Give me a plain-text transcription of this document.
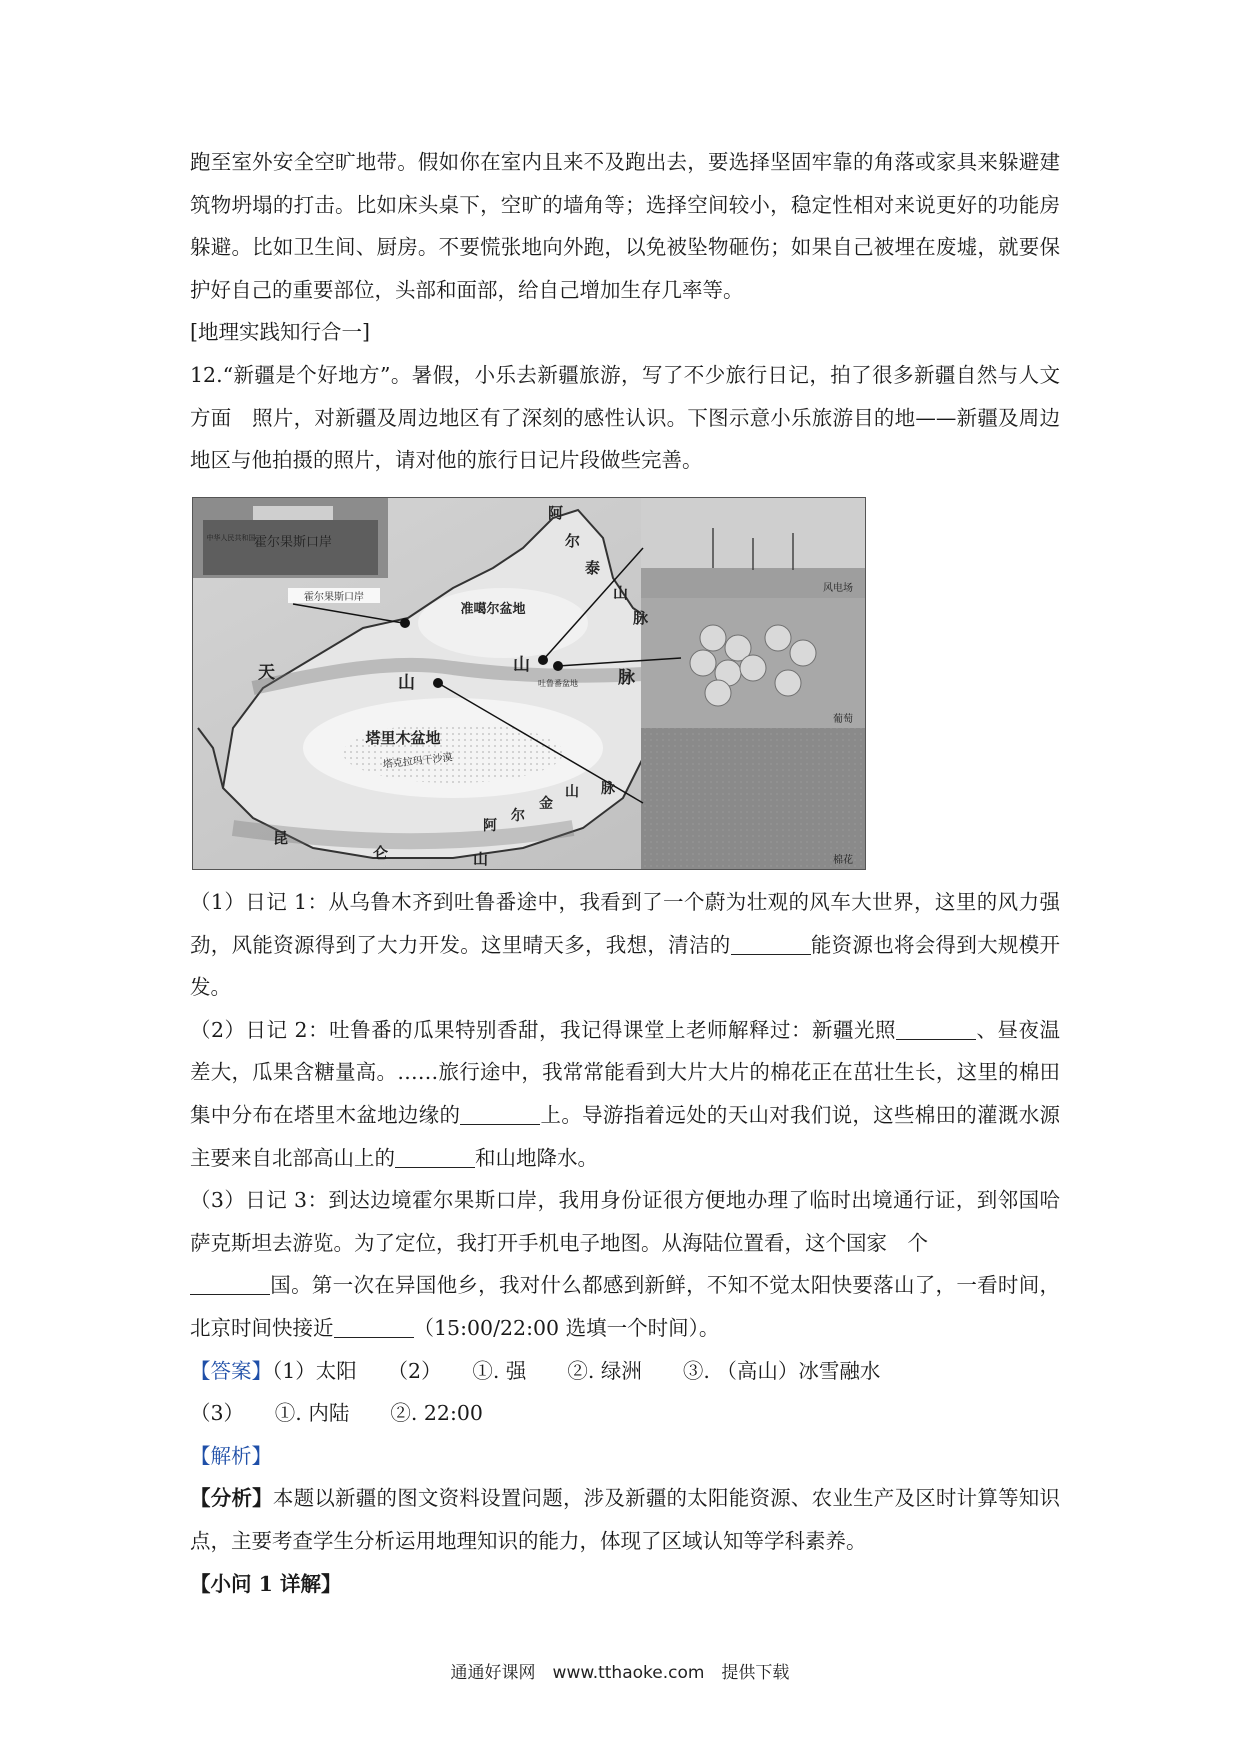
跑至室外安全空旷地带。假如你在室内且来不及跑出去，要选择坚固牢靠的角落或家具来躲避建筑物坍塌的打击。比如床头桌下，空旷的墙角等；选择空间较小，稳定性相对来说更好的功能房躲避。比如卫生间、厨房。不要慌张地向外跑，以免被坠物砸伤；如果自己被埋在废墟，就要保护好自己的重要部位，头部和面部，给自己增加生存几率等。

[地理实践知行合一]

12.“新疆是个好地方”。暑假，小乐去新疆旅游，写了不少旅行日记，拍了很多新疆自然与人文方面　照片，对新疆及周边地区有了深刻的感性认识。下图示意小乐旅游目的地——新疆及周边地区与他拍摄的照片，请对他的旅行日记片段做些完善。

霍尔果斯口岸
中华人民共和国
风电场
葡萄
棉花
霍尔果斯口岸
准噶尔盆地
塔里木盆地
塔克拉玛干沙漠
吐鲁番盆地
天	山
山
脉
阿
尔
泰
山
脉
阿
尔
金
山 脉
昆
仑	山

（1）日记 1：从乌鲁木齐到吐鲁番途中，我看到了一个蔚为壮观的风车大世界，这里的风力强劲，风能资源得到了大力开发。这里晴天多，我想，清洁的	能资源也将会得到大规模开发。

（2）日记 2：吐鲁番的瓜果特别香甜，我记得课堂上老师解释过：新疆光照	、昼夜温差大，瓜果含糖量高。……旅行途中，我常常能看到大片大片的棉花正在茁壮生长，这里的棉田集中分布在塔里木盆地边缘的	上。导游指着远处的天山对我们说，这些棉田的灌溉水源主要来自北部高山上的	和山地降水。

（3）日记 3：到达边境霍尔果斯口岸，我用身份证很方便地办理了临时出境通行证，到邻国哈萨克斯坦去游览。为了定位，我打开手机电子地图。从海陆位置看，这个国家　个
国。第一次在异国他乡，我对什么都感到新鲜，不知不觉太阳快要落山了，一看时间，北京时间快接近	（15:00/22:00 选填一个时间）。

【答案】（1）太阳　　（2）　　①. 强　　②. 绿洲　　③. （高山）冰雪融水

（3）　　①. 内陆　　②. 22:00

【解析】

【分析】本题以新疆的图文资料设置问题，涉及新疆的太阳能资源、农业生产及区时计算等知识点，主要考查学生分析运用地理知识的能力，体现了区域认知等学科素养。

【小问 1 详解】

通通好课网　www.tthaoke.com　提供下载
